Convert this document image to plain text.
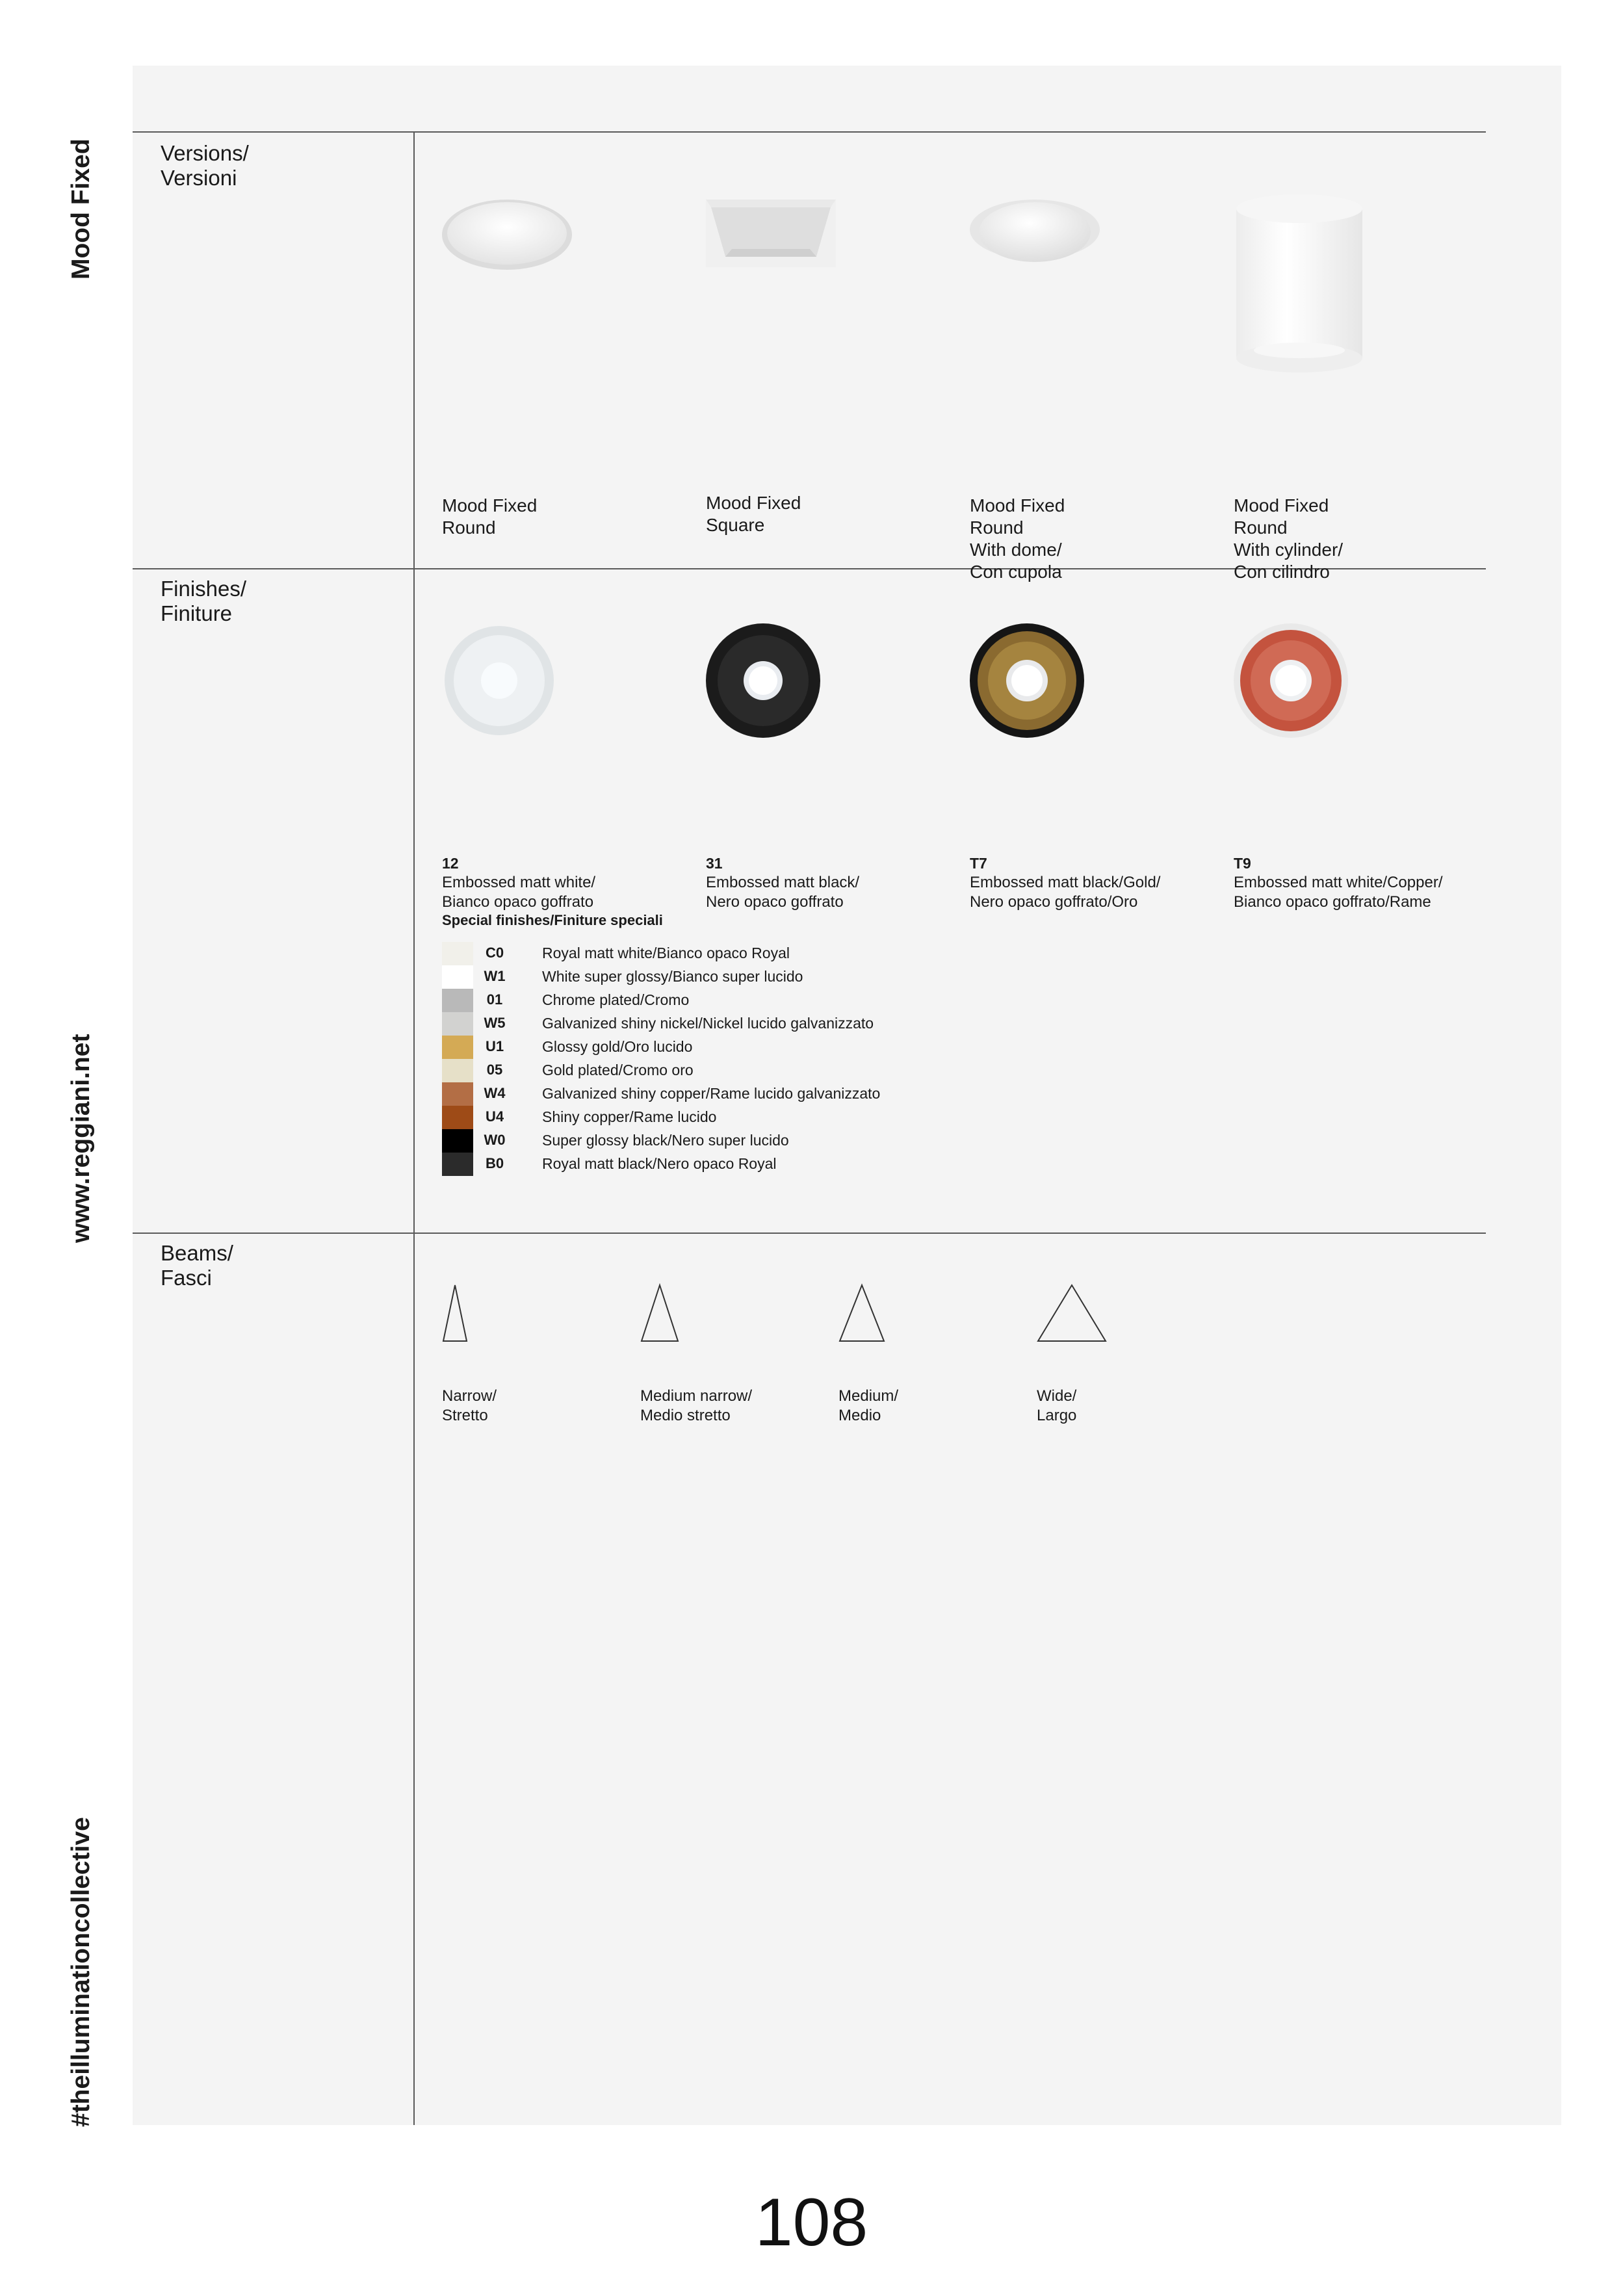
Mood Fixed
www.reggiani.net
#theilluminationcollective
Versions/
Versioni
Mood Fixed
Round
Mood Fixed
Square
Mood Fixed
Round
With dome/
Con cupola
Mood Fixed
Round
With cylinder/
Con cilindro
Finishes/
Finiture
12
Embossed matt white/
Bianco opaco goffrato
31
Embossed matt black/
Nero opaco goffrato
T7
Embossed matt black/Gold/
Nero opaco goffrato/Oro
T9
Embossed matt white/Copper/
Bianco opaco goffrato/Rame
Special finishes/Finiture speciali
C0	Royal matt white/Bianco opaco Royal
W1	White super glossy/Bianco super lucido
01	Chrome plated/Cromo
W5	Galvanized shiny nickel/Nickel lucido galvanizzato
U1	Glossy gold/Oro lucido
05	Gold plated/Cromo oro
W4	Galvanized shiny copper/Rame lucido galvanizzato
U4	Shiny copper/Rame lucido
W0	Super glossy black/Nero super lucido
B0	Royal matt black/Nero opaco Royal
Beams/
Fasci
Narrow/
Stretto
Medium narrow/
Medio stretto
Medium/
Medio
Wide/
Largo
108
